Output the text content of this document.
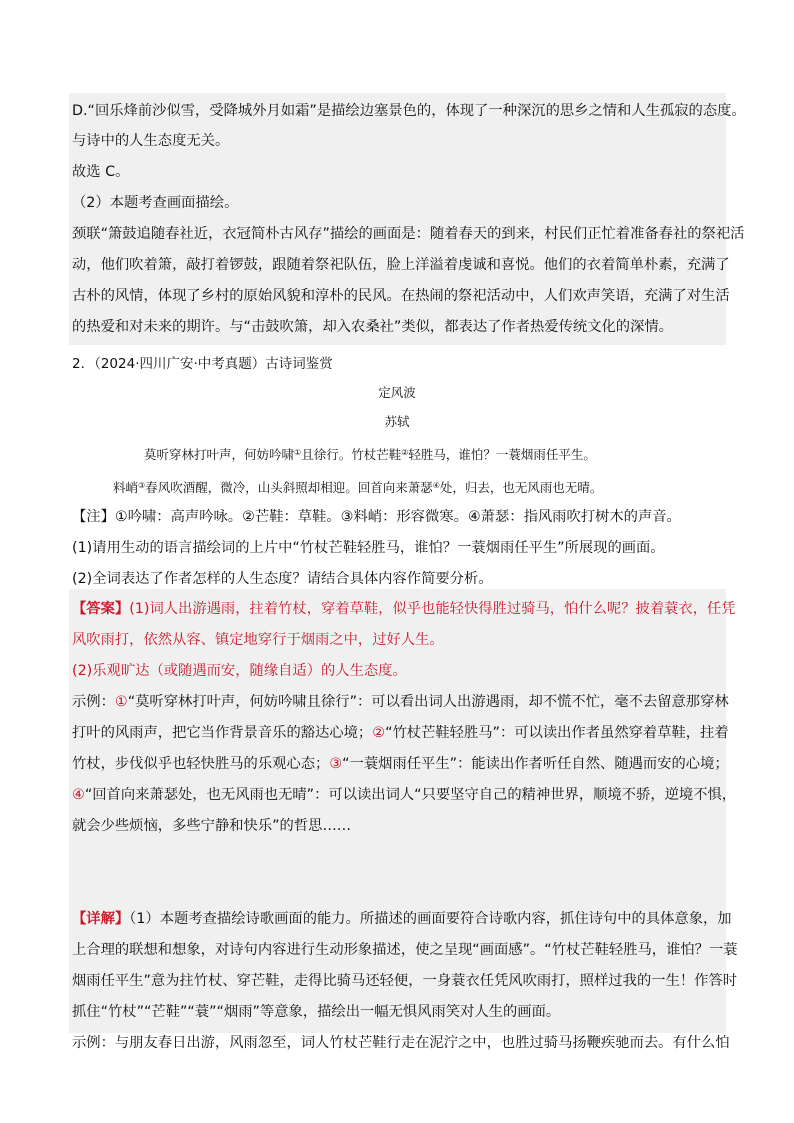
D.“回乐烽前沙似雪，受降城外月如霜”是描绘边塞景色的，体现了一种深沉的思乡之情和人生孤寂的态度。
与诗中的人生态度无关。
故选 C。
（2）本题考查画面描绘。
颈联“箫鼓追随春社近，衣冠简朴古风存”描绘的画面是：随着春天的到来，村民们正忙着准备春社的祭祀活
动，他们吹着箫，敲打着锣鼓，跟随着祭祀队伍，脸上洋溢着虔诚和喜悦。他们的衣着简单朴素，充满了
古朴的风情，体现了乡村的原始风貌和淳朴的民风。在热闹的祭祀活动中，人们欢声笑语，充满了对生活
的热爱和对未来的期许。与“击鼓吹箫，却入农桑社”类似，都表达了作者热爱传统文化的深情。
2．（2024·四川广安·中考真题）古诗词鉴赏
定风波
苏轼
莫听穿林打叶声，何妨吟啸①且徐行。竹杖芒鞋②轻胜马，谁怕？一蓑烟雨任平生。
料峭③春风吹酒醒，微冷，山头斜照却相迎。回首向来萧瑟④处，归去，也无风雨也无晴。
【注】①吟啸：高声吟咏。②芒鞋：草鞋。③料峭：形容微寒。④萧瑟：指风雨吹打树木的声音。
(1)请用生动的语言描绘词的上片中“竹杖芒鞋轻胜马，谁怕？一蓑烟雨任平生”所展现的画面。
(2)全词表达了作者怎样的人生态度？请结合具体内容作简要分析。
【答案】(1)词人出游遇雨，拄着竹杖，穿着草鞋，似乎也能轻快得胜过骑马，怕什么呢？披着蓑衣，任凭
风吹雨打，依然从容、镇定地穿行于烟雨之中，过好人生。
(2)乐观旷达（或随遇而安，随缘自适）的人生态度。
示例：①“莫听穿林打叶声，何妨吟啸且徐行”：可以看出词人出游遇雨，却不慌不忙，毫不去留意那穿林
打叶的风雨声，把它当作背景音乐的豁达心境；②“竹杖芒鞋轻胜马”：可以读出作者虽然穿着草鞋，拄着
竹杖，步伐似乎也轻快胜马的乐观心态；③“一蓑烟雨任平生”：能读出作者听任自然、随遇而安的心境；
④“回首向来萧瑟处，也无风雨也无晴”：可以读出词人“只要坚守自己的精神世界，顺境不骄，逆境不惧，
就会少些烦恼，多些宁静和快乐”的哲思……
【详解】（1）本题考查描绘诗歌画面的能力。所描述的画面要符合诗歌内容，抓住诗句中的具体意象，加
上合理的联想和想象，对诗句内容进行生动形象描述，使之呈现“画面感”。“竹杖芒鞋轻胜马，谁怕？一蓑
烟雨任平生”意为拄竹杖、穿芒鞋，走得比骑马还轻便，一身蓑衣任凭风吹雨打，照样过我的一生！作答时
抓住“竹杖”“芒鞋”“蓑”“烟雨”等意象，描绘出一幅无惧风雨笑对人生的画面。
示例：与朋友春日出游，风雨忽至，词人竹杖芒鞋行走在泥泞之中，也胜过骑马扬鞭疾驰而去。有什么怕
